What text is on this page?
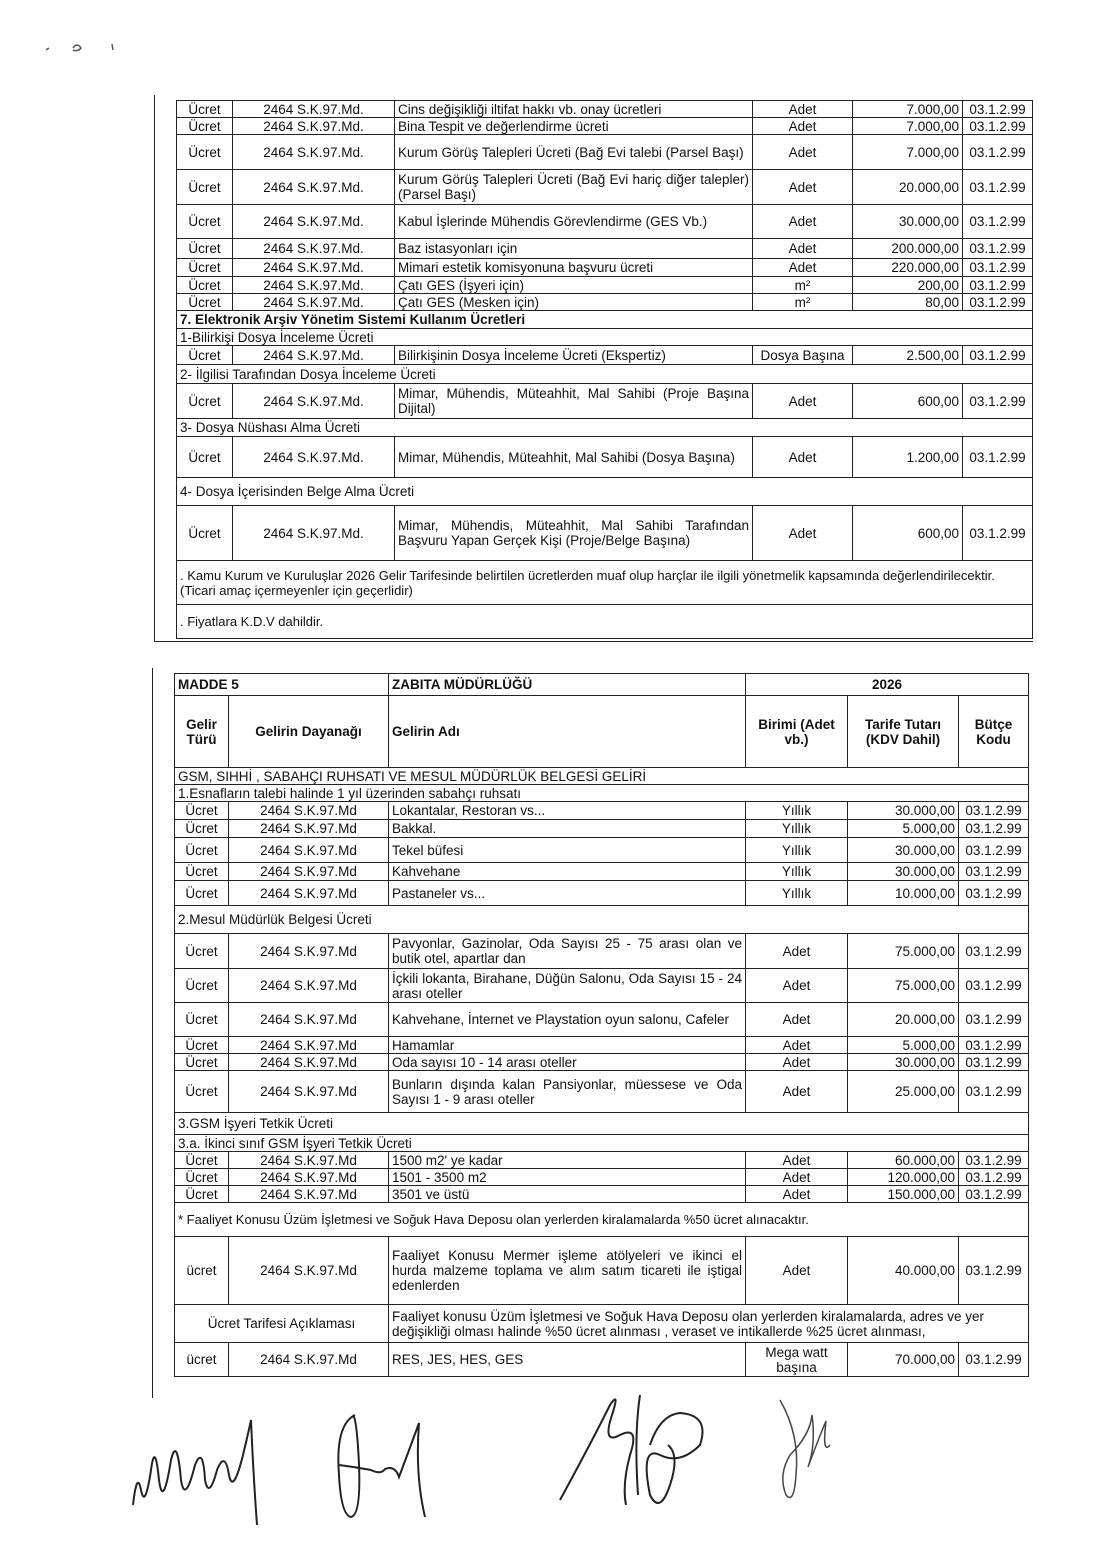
Ücret	2464 S.K.97.Md.	Cins değişikliği iltifat hakkı vb. onay ücretleri	Adet	7.000,00	03.1.2.99
Ücret	2464 S.K.97.Md.	Bina Tespit ve değerlendirme ücreti	Adet	7.000,00	03.1.2.99
Ücret	2464 S.K.97.Md.	Kurum Görüş Talepleri Ücreti (Bağ Evi talebi (Parsel Başı)	Adet	7.000,00	03.1.2.99
Ücret	2464 S.K.97.Md.	Kurum Görüş Talepleri Ücreti (Bağ Evi hariç diğer talepler) (Parsel Başı)	Adet	20.000,00	03.1.2.99
Ücret	2464 S.K.97.Md.	Kabul İşlerinde Mühendis Görevlendirme (GES Vb.)	Adet	30.000,00	03.1.2.99
Ücret	2464 S.K.97.Md.	Baz istasyonları için	Adet	200.000,00	03.1.2.99
Ücret	2464 S.K.97.Md.	Mimari estetik komisyonuna başvuru ücreti	Adet	220.000,00	03.1.2.99
Ücret	2464 S.K.97.Md.	Çatı GES (İşyeri için)	m²	200,00	03.1.2.99
Ücret	2464 S.K.97.Md.	Çatı GES (Mesken için)	m²	80,00	03.1.2.99
7. Elektronik Arşiv Yönetim Sistemi Kullanım Ücretleri					
1-Bilirkişi Dosya İnceleme Ücreti					
Ücret	2464 S.K.97.Md.	Bilirkişinin Dosya İnceleme Ücreti (Ekspertiz)	Dosya Başına	2.500,00	03.1.2.99
2- İlgilisi Tarafından Dosya İnceleme Ücreti					
Ücret	2464 S.K.97.Md.	Mimar, Mühendis, Müteahhit, Mal Sahibi (Proje Başına Dijital)	Adet	600,00	03.1.2.99
3- Dosya Nüshası Alma Ücreti					
Ücret	2464 S.K.97.Md.	Mimar, Mühendis, Müteahhit, Mal Sahibi (Dosya Başına)	Adet	1.200,00	03.1.2.99
4- Dosya İçerisinden Belge Alma Ücreti					
Ücret	2464 S.K.97.Md.	Mimar, Mühendis, Müteahhit, Mal Sahibi Tarafından Başvuru Yapan Gerçek Kişi (Proje/Belge Başına)	Adet	600,00	03.1.2.99
. Kamu Kurum ve Kuruluşlar 2026 Gelir Tarifesinde belirtilen ücretlerden muaf olup harçlar ile ilgili yönetmelik kapsamında değerlendirilecektir. (Ticari amaç içermeyenler için geçerlidir)					
. Fiyatlara K.D.V dahildir.					
MADDE 5		ZABITA MÜDÜRLÜĞÜ	2026		
Gelir Türü	Gelirin Dayanağı	Gelirin Adı	Birimi (Adet vb.)	Tarife Tutarı (KDV Dahil)	Bütçe Kodu
GSM, SIHHİ , SABAHÇI RUHSATI VE MESUL MÜDÜRLÜK BELGESİ GELİRİ					
1.Esnafların talebi halinde 1 yıl üzerinden sabahçı ruhsatı					
Ücret	2464 S.K.97.Md	Lokantalar, Restoran vs...	Yıllık	30.000,00	03.1.2.99
Ücret	2464 S.K.97.Md	Bakkal.	Yıllık	5.000,00	03.1.2.99
Ücret	2464 S.K.97.Md	Tekel büfesi	Yıllık	30.000,00	03.1.2.99
Ücret	2464 S.K.97.Md	Kahvehane	Yıllık	30.000,00	03.1.2.99
Ücret	2464 S.K.97.Md	Pastaneler vs...	Yıllık	10.000,00	03.1.2.99
2.Mesul Müdürlük Belgesi Ücreti					
Ücret	2464 S.K.97.Md	Pavyonlar, Gazinolar, Oda Sayısı 25 - 75 arası olan ve butik otel, apartlar dan	Adet	75.000,00	03.1.2.99
Ücret	2464 S.K.97.Md	İçkili lokanta, Birahane, Düğün Salonu, Oda Sayısı 15 - 24 arası oteller	Adet	75.000,00	03.1.2.99
Ücret	2464 S.K.97.Md	Kahvehane, İnternet ve Playstation oyun salonu, Cafeler	Adet	20.000,00	03.1.2.99
Ücret	2464 S.K.97.Md	Hamamlar	Adet	5.000,00	03.1.2.99
Ücret	2464 S.K.97.Md	Oda sayısı 10 - 14 arası oteller	Adet	30.000,00	03.1.2.99
Ücret	2464 S.K.97.Md	Bunların dışında kalan Pansiyonlar, müessese ve Oda Sayısı 1 - 9 arası oteller	Adet	25.000,00	03.1.2.99
3.GSM İşyeri Tetkik Ücreti					
3.a. İkinci sınıf GSM İşyeri Tetkik Ücreti					
Ücret	2464 S.K.97.Md	1500 m2' ye kadar	Adet	60.000,00	03.1.2.99
Ücret	2464 S.K.97.Md	1501 - 3500 m2	Adet	120.000,00	03.1.2.99
Ücret	2464 S.K.97.Md	3501 ve üstü	Adet	150.000,00	03.1.2.99
* Faaliyet Konusu Üzüm İşletmesi ve Soğuk Hava Deposu olan yerlerden kiralamalarda %50 ücret alınacaktır.					
ücret	2464 S.K.97.Md	Faaliyet Konusu Mermer işleme atölyeleri ve ikinci el hurda malzeme toplama ve alım satım ticareti ile iştigal edenlerden	Adet	40.000,00	03.1.2.99
Ücret Tarifesi Açıklaması		Faaliyet konusu Üzüm İşletmesi ve Soğuk Hava Deposu olan yerlerden kiralamalarda, adres ve yer değişikliği olması halinde %50 ücret alınması , veraset ve intikallerde %25 ücret alınması,			
ücret	2464 S.K.97.Md	RES, JES, HES, GES	Mega watt başına	70.000,00	03.1.2.99
